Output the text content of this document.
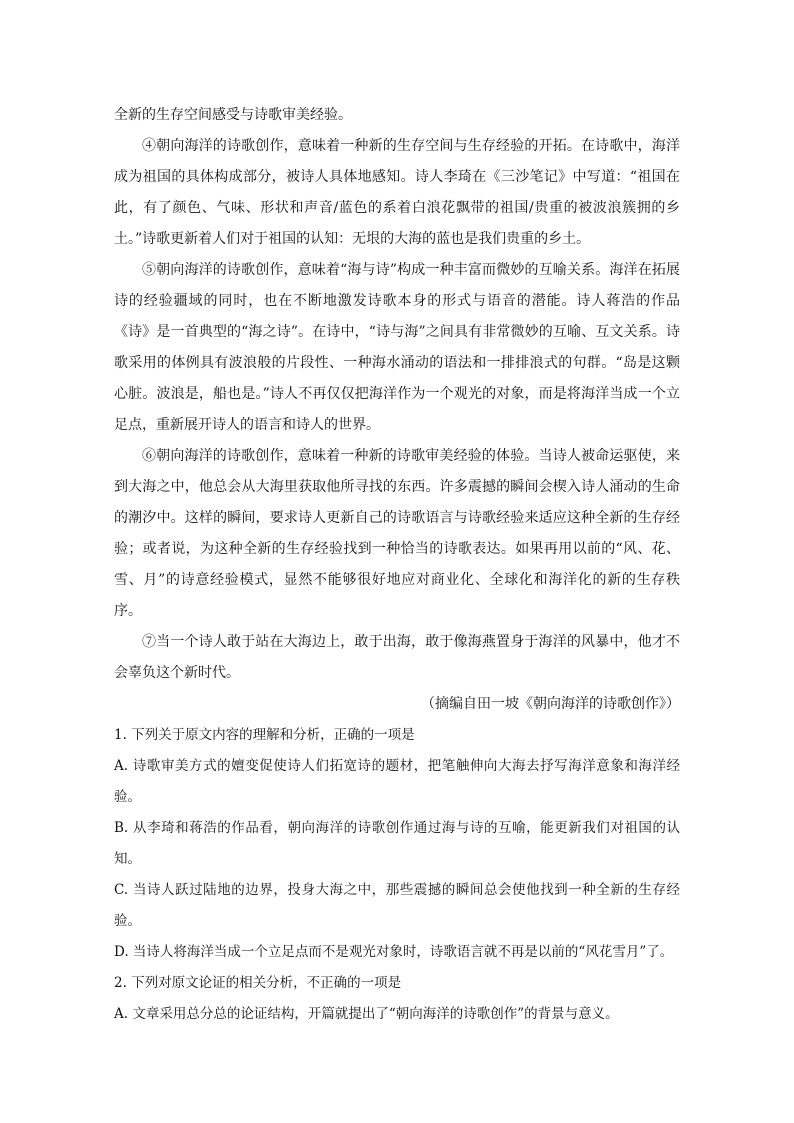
全新的生存空间感受与诗歌审美经验。

④朝向海洋的诗歌创作，意味着一种新的生存空间与生存经验的开拓。在诗歌中，海洋成为祖国的具体构成部分，被诗人具体地感知。诗人李琦在《三沙笔记》中写道：“祖国在此，有了颜色、气味、形状和声音/蓝色的系着白浪花飘带的祖国/贵重的被波浪簇拥的乡土。”诗歌更新着人们对于祖国的认知：无垠的大海的蓝也是我们贵重的乡土。

⑤朝向海洋的诗歌创作，意味着“海与诗”构成一种丰富而微妙的互喻关系。海洋在拓展诗的经验疆域的同时，也在不断地激发诗歌本身的形式与语音的潜能。诗人蒋浩的作品《诗》是一首典型的“海之诗”。在诗中，“诗与海”之间具有非常微妙的互喻、互文关系。诗歌采用的体例具有波浪般的片段性、一种海水涌动的语法和一排排浪式的句群。“岛是这颗心脏。波浪是，船也是。”诗人不再仅仅把海洋作为一个观光的对象，而是将海洋当成一个立足点，重新展开诗人的语言和诗人的世界。

⑥朝向海洋的诗歌创作，意味着一种新的诗歌审美经验的体验。当诗人被命运驱使，来到大海之中，他总会从大海里获取他所寻找的东西。许多震撼的瞬间会楔入诗人涌动的生命的潮汐中。这样的瞬间，要求诗人更新自己的诗歌语言与诗歌经验来适应这种全新的生存经验；或者说，为这种全新的生存经验找到一种恰当的诗歌表达。如果再用以前的“风、花、雪、月”的诗意经验模式，显然不能够很好地应对商业化、全球化和海洋化的新的生存秩序。

⑦当一个诗人敢于站在大海边上，敢于出海，敢于像海燕置身于海洋的风暴中，他才不会辜负这个新时代。

（摘编自田一坡《朝向海洋的诗歌创作》）

1. 下列关于原文内容的理解和分析，正确的一项是

A. 诗歌审美方式的嬗变促使诗人们拓宽诗的题材，把笔触伸向大海去抒写海洋意象和海洋经验。

B. 从李琦和蒋浩的作品看，朝向海洋的诗歌创作通过海与诗的互喻，能更新我们对祖国的认知。

C. 当诗人跃过陆地的边界，投身大海之中，那些震撼的瞬间总会使他找到一种全新的生存经验。

D. 当诗人将海洋当成一个立足点而不是观光对象时，诗歌语言就不再是以前的“风花雪月”了。

2. 下列对原文论证的相关分析，不正确的一项是

A. 文章采用总分总的论证结构，开篇就提出了“朝向海洋的诗歌创作”的背景与意义。
